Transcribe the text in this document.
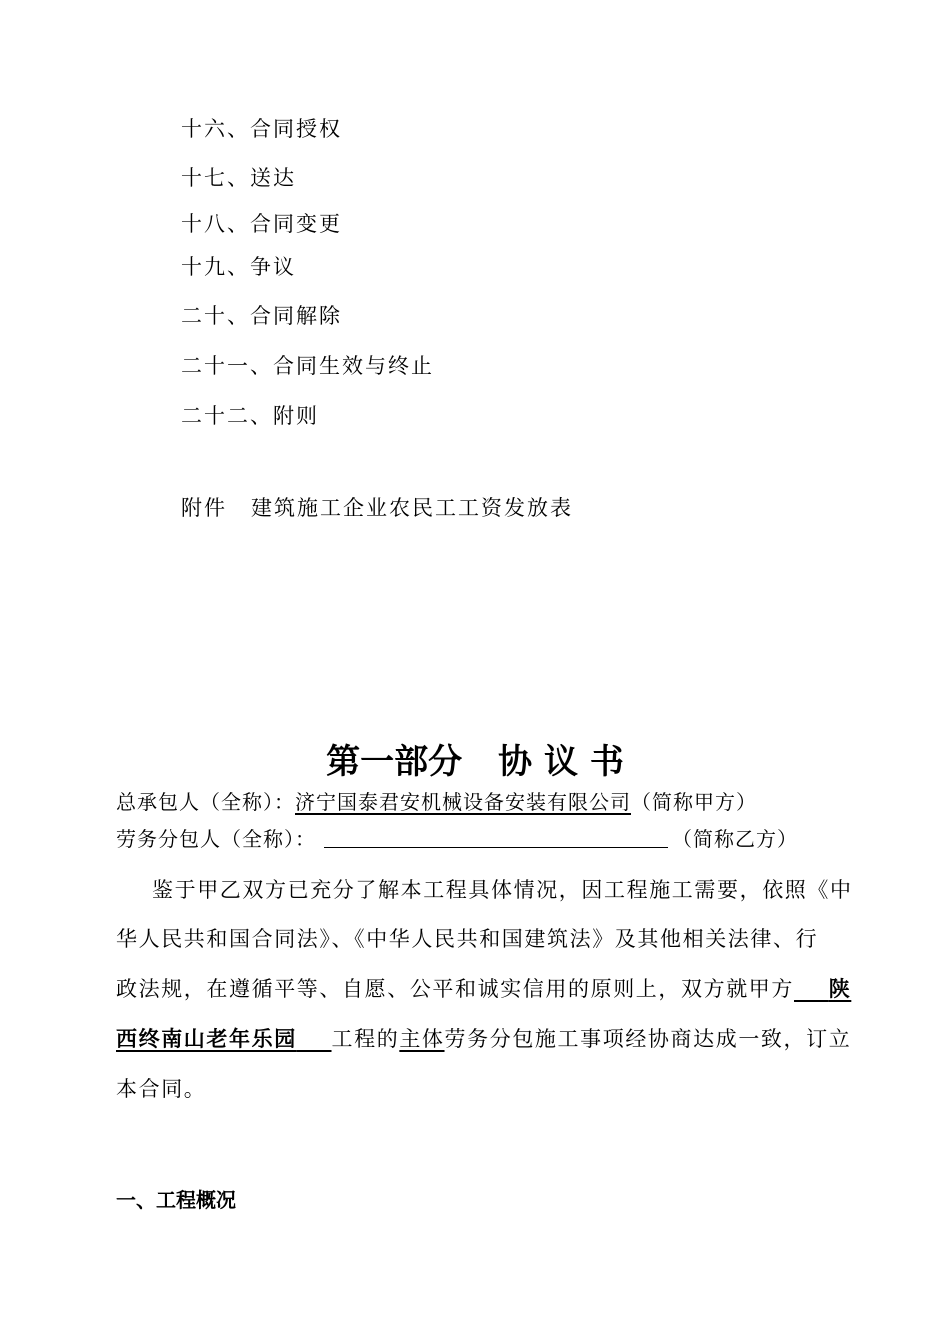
十六、合同授权
十七、送达
十八、合同变更
十九、争议
二十、合同解除
二十一、合同生效与终止
二十二、附则
附件 建筑施工企业农民工工资发放表
第一部分 协 议 书
总承包人（全称）：济宁国泰君安机械设备安装有限公司（简称甲方）
劳务分包人（全称）：	（简称乙方）
鉴于甲乙双方已充分了解本工程具体情况，因工程施工需要，依照《中
华人民共和国合同法》、《中华人民共和国建筑法》及其他相关法律、行
政法规，在遵循平等、自愿、公平和诚实信用的原则上，双方就甲方   陕
西终南山老年乐园   工程的主体劳务分包施工事项经协商达成一致，订立
本合同。
一、工程概况
